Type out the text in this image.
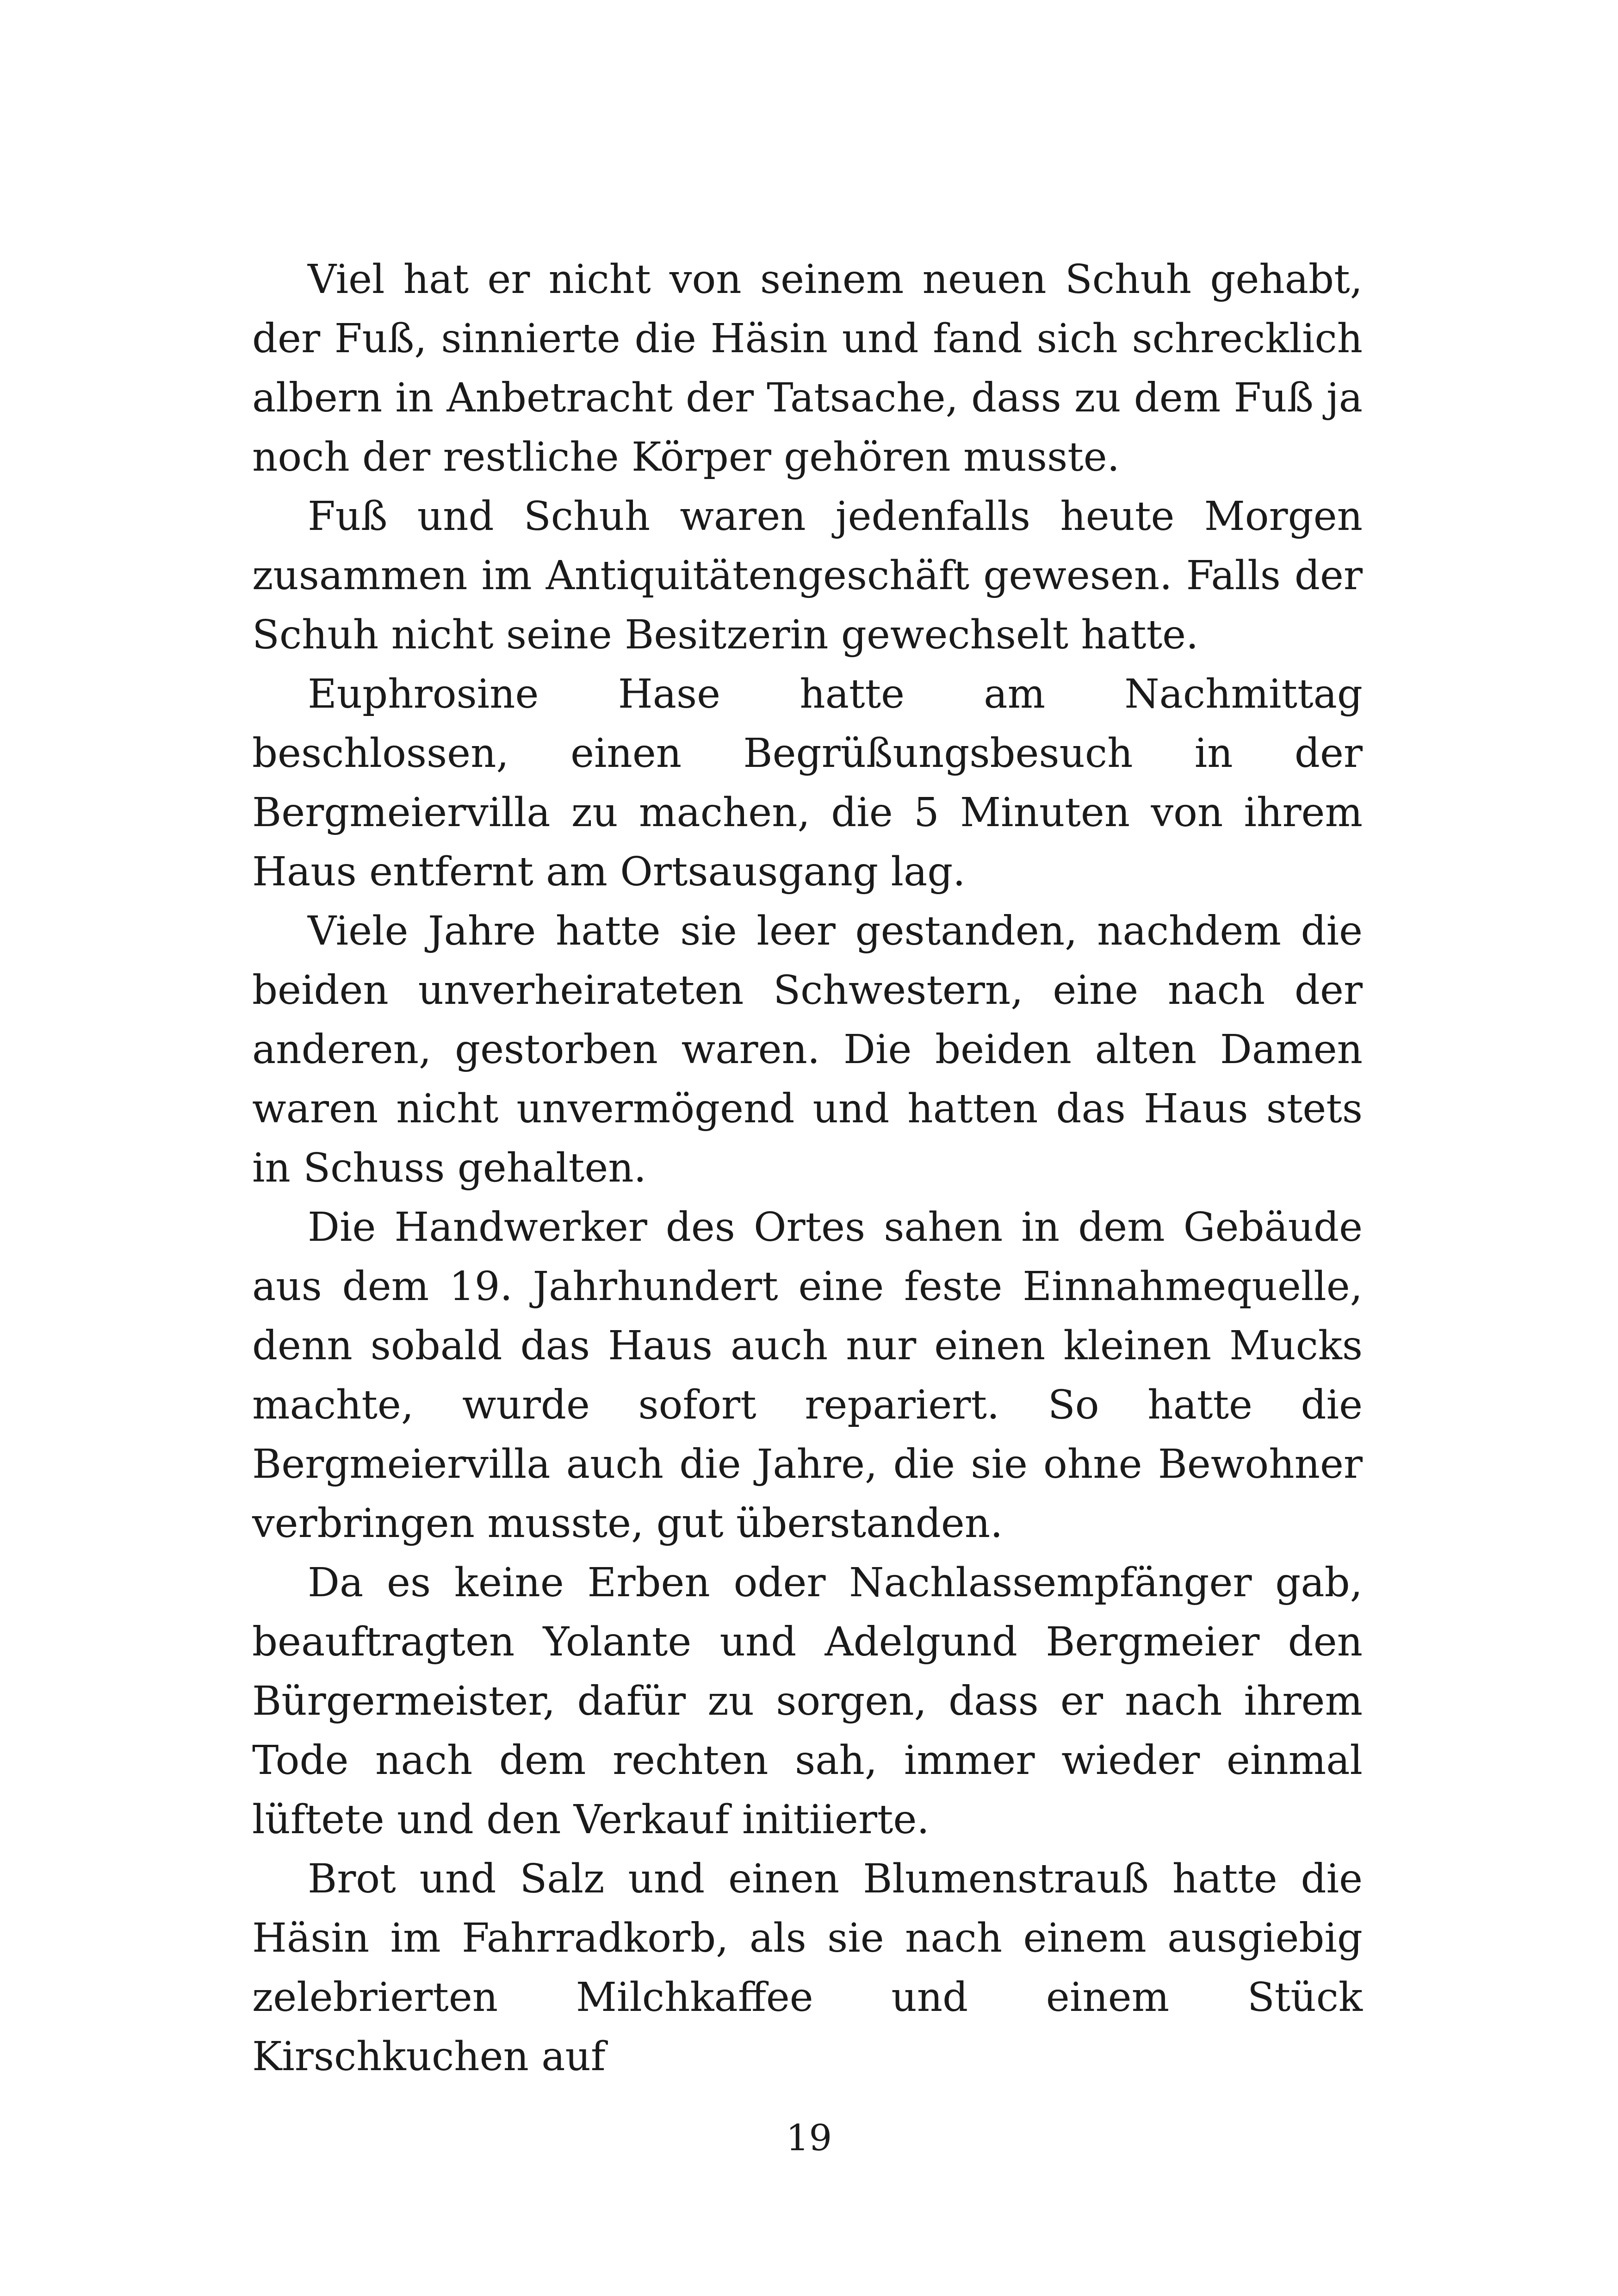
Viel hat er nicht von seinem neuen Schuh gehabt, der Fuß, sinnierte die Häsin und fand sich schrecklich albern in Anbetracht der Tatsache, dass zu dem Fuß ja noch der restliche Körper gehören musste.

Fuß und Schuh waren jedenfalls heute Morgen zusammen im Antiquitätengeschäft gewesen. Falls der Schuh nicht seine Besitzerin gewechselt hatte.

Euphrosine Hase hatte am Nachmittag beschlossen, einen Begrüßungsbesuch in der Bergmeiervilla zu machen, die 5 Minuten von ihrem Haus entfernt am Ortsausgang lag.

Viele Jahre hatte sie leer gestanden, nachdem die beiden unverheirateten Schwestern, eine nach der anderen, gestorben waren. Die beiden alten Damen waren nicht unvermögend und hatten das Haus stets in Schuss gehalten.

Die Handwerker des Ortes sahen in dem Gebäude aus dem 19. Jahrhundert eine feste Einnahmequelle, denn sobald das Haus auch nur einen kleinen Mucks machte, wurde sofort repariert. So hatte die Bergmeiervilla auch die Jahre, die sie ohne Bewohner verbringen musste, gut überstanden.

Da es keine Erben oder Nachlassempfänger gab, beauftragten Yolante und Adelgund Bergmeier den Bürgermeister, dafür zu sorgen, dass er nach ihrem Tode nach dem rechten sah, immer wieder einmal lüftete und den Verkauf initiierte.

Brot und Salz und einen Blumenstrauß hatte die Häsin im Fahrradkorb, als sie nach einem ausgiebig zelebrierten Milchkaffee und einem Stück Kirschkuchen auf

19
